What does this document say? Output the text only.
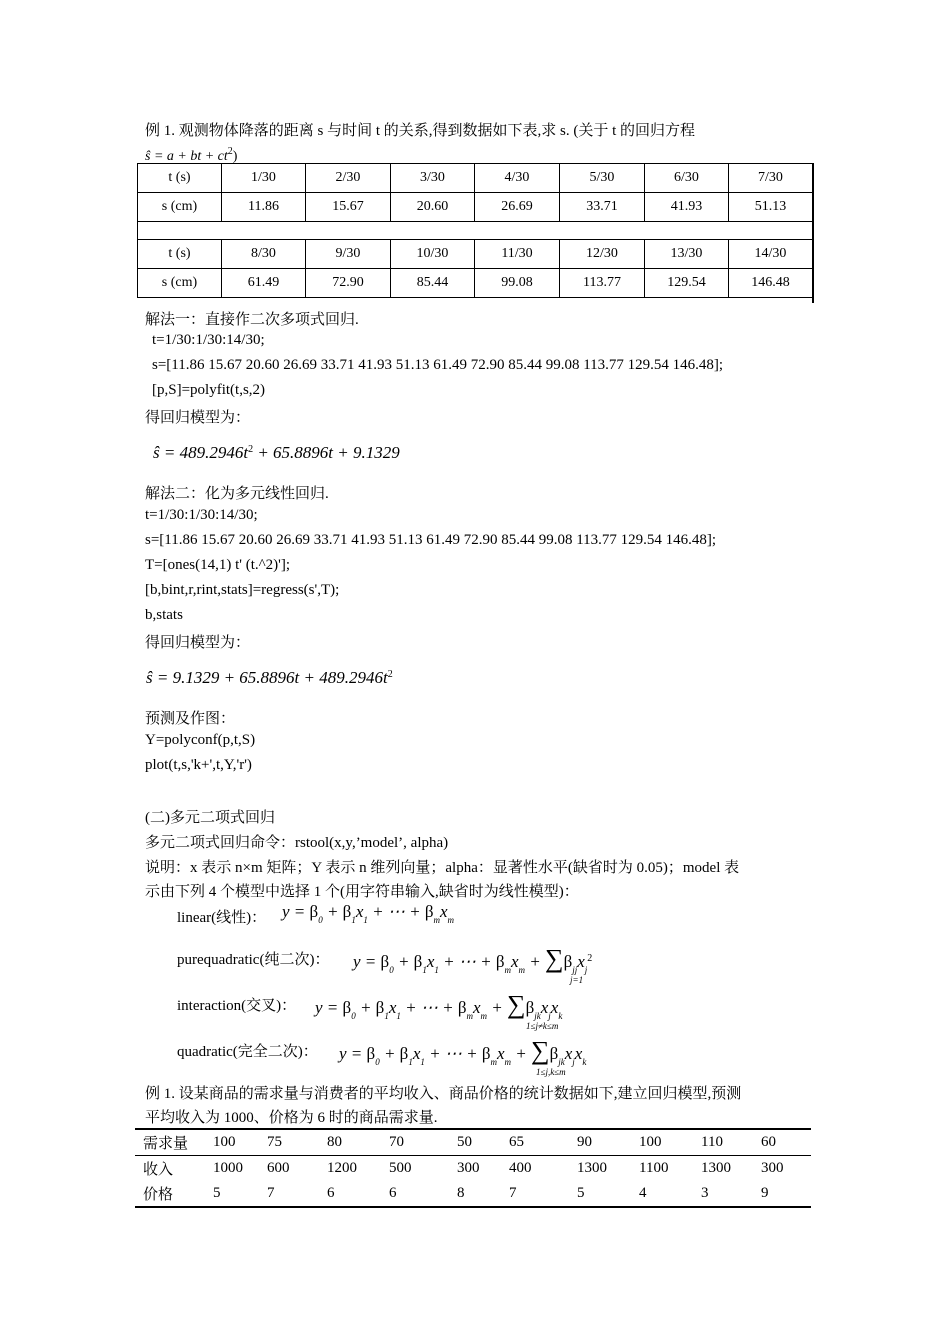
例 1. 观测物体降落的距离 s 与时间 t 的关系,得到数据如下表,求 s. (关于 t 的回归方程
ŝ = a + bt + $ct^2$)
t (s)	1/30	2/30	3/30	4/30	5/30	6/30	7/30
s (cm)	11.86	15.67	20.60	26.69	33.71	41.93	51.13

t (s)	8/30	9/30	10/30	11/30	12/30	13/30	14/30
s (cm)	61.49	72.90	85.44	99.08	113.77	129.54	146.48
解法一：直接作二次多项式回归.
t=1/30:1/30:14/30;
s=[11.86 15.67 20.60 26.69 33.71 41.93 51.13 61.49 72.90 85.44 99.08 113.77 129.54 146.48];
[p,S]=polyfit(t,s,2)
得回归模型为：
ŝ = $489.2946t^2 + 65.8896t + 9.1329$
解法二：化为多元线性回归.
t=1/30:1/30:14/30;
s=[11.86 15.67 20.60 26.69 33.71 41.93 51.13 61.49 72.90 85.44 99.08 113.77 129.54 146.48];
T=[ones(14,1) t' (t.^2)'];
[b,bint,r,rint,stats]=regress(s',T);
b,stats
得回归模型为：
ŝ = $9.1329 + 65.8896t + 489.2946t^2$
预测及作图：
Y=polyconf(p,t,S)
plot(t,s,'k+',t,Y,'r')
(二)多元二项式回归
多元二项式回归命令：rstool(x,y,’model’, alpha)
说明：x 表示 n×m 矩阵；Y 表示 n 维列向量；alpha：显著性水平(缺省时为 0.05)；model 表
示由下列 4 个模型中选择 1 个(用字符串输入,缺省时为线性模型)：
linear(线性)： $y = \beta_0 + \beta_1x_1$ + ⋯ + $\beta_mx_m$
purequadratic(纯二次)： $y = \beta_0 + \beta_1x_1$ + ⋯ + $\beta_mx_m + \sum\beta_{jj}x_j^2$
j=1
interaction(交叉)： $y = \beta_0 + \beta_1x_1$ + ⋯ + $\beta_mx_m + \sum\beta_{jk}x_jx_k$
1≤j≠k≤m
quadratic(完全二次)： $y = \beta_0 + \beta_1x_1$ + ⋯ + $\beta_mx_m + \sum\beta_{jk}x_jx_k$
1≤j,k≤m
例 1. 设某商品的需求量与消费者的平均收入、商品价格的统计数据如下,建立回归模型,预测
平均收入为 1000、价格为 6 时的商品需求量.
需求量	100	75	80	70	50	65	90	100	110	60
收入	1000	600	1200	500	300	400	1300	1100	1300	300
价格	5	7	6	6	8	7	5	4	3	9
